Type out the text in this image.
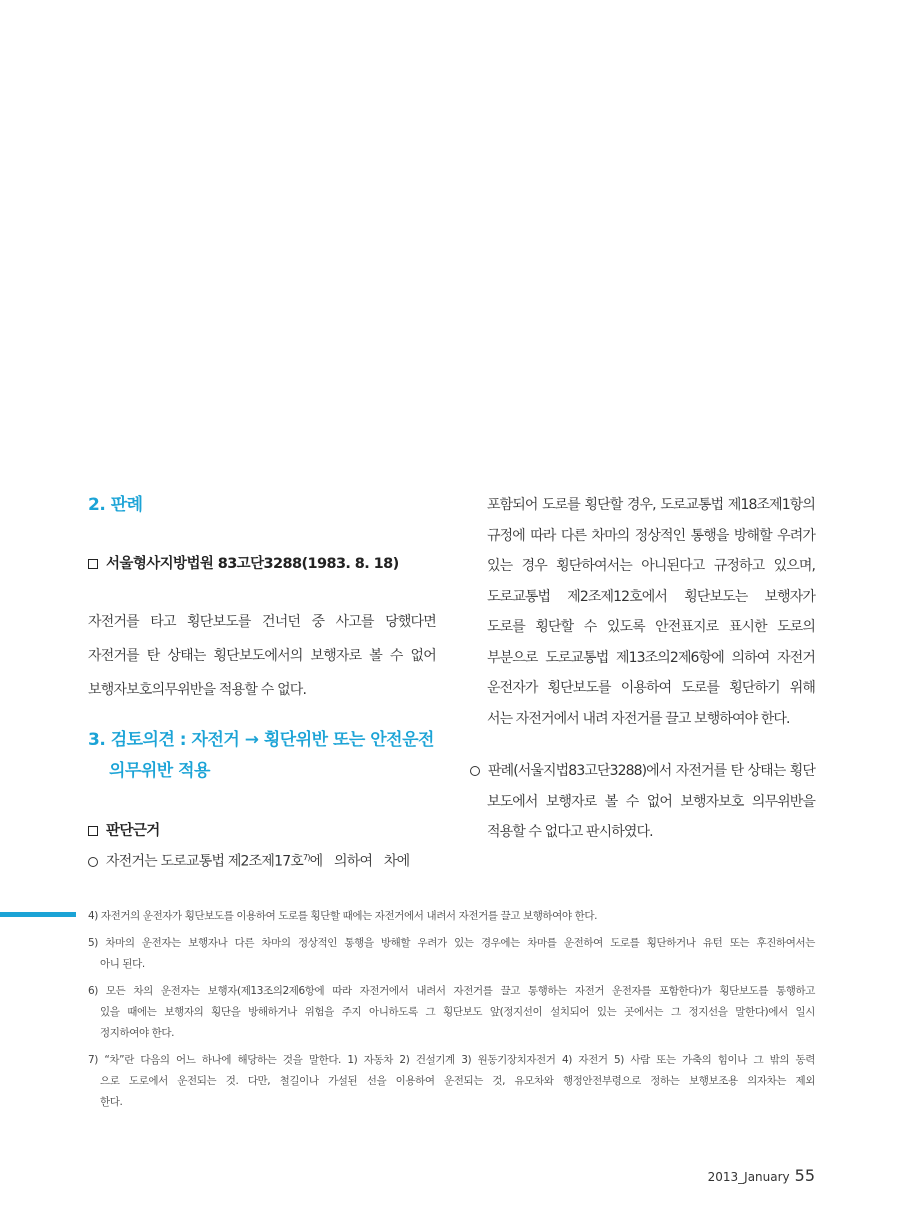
2. 판례
서울형사지방법원 83고단3288(1983. 8. 18)
자전거를 타고 횡단보도를 건너던 중 사고를 당했다면
자전거를 탄 상태는 횡단보도에서의 보행자로 볼 수 없어
보행자보호의무위반을 적용할 수 없다.
3. 검토의견 : 자전거 → 횡단위반 또는 안전운전
의무위반 적용
판단근거
자전거는 도로교통법 제2조제17호$^{7)}$에 의하여 차에
포함되어 도로를 횡단할 경우, 도로교통법 제18조제1항의
규정에 따라 다른 차마의 정상적인 통행을 방해할 우려가
있는 경우 횡단하여서는 아니된다고 규정하고 있으며,
도로교통법 제2조제12호에서 횡단보도는 보행자가
도로를 횡단할 수 있도록 안전표지로 표시한 도로의
부분으로 도로교통법 제13조의2제6항에 의하여 자전거
운전자가 횡단보도를 이용하여 도로를 횡단하기 위해
서는 자전거에서 내려 자전거를 끌고 보행하여야 한다.
판례(서울지법83고단3288)에서 자전거를 탄 상태는 횡단
보도에서 보행자로 볼 수 없어 보행자보호 의무위반을
적용할 수 없다고 판시하였다.
4) 자전거의 운전자가 횡단보도를 이용하여 도로를 횡단할 때에는 자전거에서 내려서 자전거를 끌고 보행하여야 한다.
5) 차마의 운전자는 보행자나 다른 차마의 정상적인 통행을 방해할 우려가 있는 경우에는 차마를 운전하여 도로를 횡단하거나 유턴 또는 후진하여서는
아니 된다.
6) 모든 차의 운전자는 보행자(제13조의2제6항에 따라 자전거에서 내려서 자전거를 끌고 통행하는 자전거 운전자를 포함한다)가 횡단보도를 통행하고
있을 때에는 보행자의 횡단을 방해하거나 위험을 주지 아니하도록 그 횡단보도 앞(정지선이 설치되어 있는 곳에서는 그 정지선을 말한다)에서 일시
정지하여야 한다.
7) “차”란 다음의 어느 하나에 해당하는 것을 말한다. 1) 자동차 2) 건설기계 3) 원동기장치자전거 4) 자전거 5) 사람 또는 가축의 힘이나 그 밖의 동력
으로 도로에서 운전되는 것. 다만, 철길이나 가설된 선을 이용하여 운전되는 것, 유모차와 행정안전부령으로 정하는 보행보조용 의자차는 제외
한다.
2013_January 55
